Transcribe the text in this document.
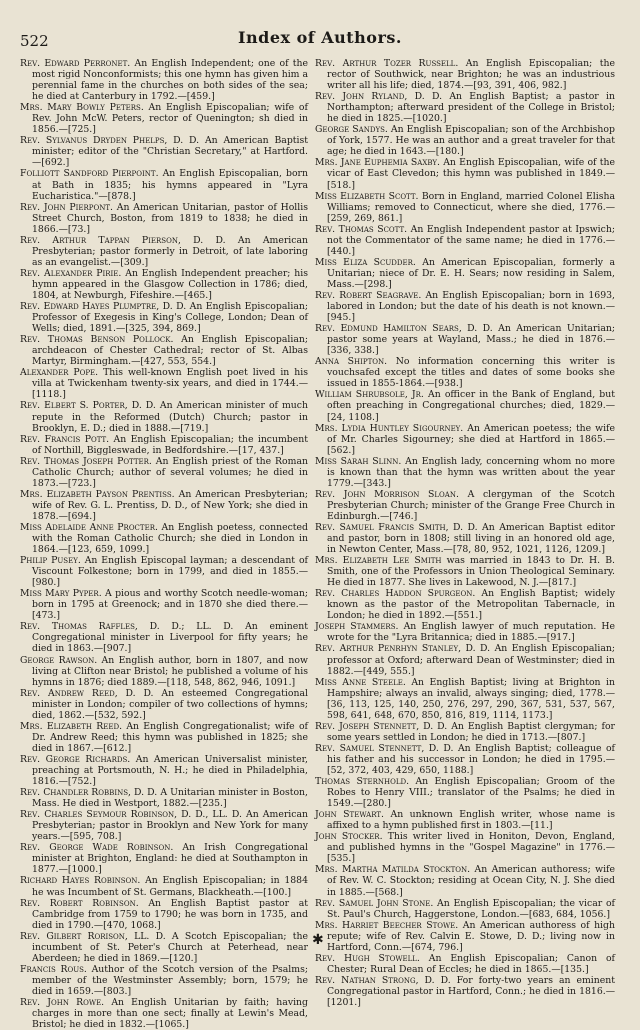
522	Index of Authors.

Rev. Edward Perronet. An English Independent; one of the most rigid Nonconformists; this one hymn has given him a perennial fame in the churches on both sides of the sea; he died at Canterbury in 1792.—[459.]

Mrs. Mary Bowly Peters. An English Episcopalian; wife of Rev. John McW. Peters, rector of Quenington; sh died in 1856.—[725.]

Rev. Sylvanus Dryden Phelps, D. D. An American Baptist minister; editor of the "Christian Secretary," at Hartford.—[692.]

Folliott Sandford Pierpoint. An English Episcopalian, born at Bath in 1835; his hymns appeared in "Lyra Eucharistica."—[878.]

Rev. John Pierpont. An American Unitarian, pastor of Hollis Street Church, Boston, from 1819 to 1838; he died in 1866.—[73.]

Rev. Arthur Tappan Pierson, D. D. An American Presbyterian; pastor formerly in Detroit, of late laboring as an evangelist.—[309.]

Rev. Alexander Pirie. An English Independent preacher; his hymn appeared in the Glasgow Collection in 1786; died, 1804, at Newburgh, Fifeshire.—[465.]

Rev. Edward Hayes Plumptre, D. D. An English Episcopalian; Professor of Exegesis in King's College, London; Dean of Wells; died, 1891.—[325, 394, 869.]

Rev. Thomas Benson Pollock. An English Episcopalian; archdeacon of Chester Cathedral; rector of St. Albas Martyr, Birmingham.—[427, 553, 554.]

Alexander Pope. This well-known English poet lived in his villa at Twickenham twenty-six years, and died in 1744.—[1118.]

Rev. Elbert S. Porter, D. D. An American minister of much repute in the Reformed (Dutch) Church; pastor in Brooklyn, E. D.; died in 1888.—[719.]

Rev. Francis Pott. An English Episcopalian; the incumbent of Northill, Biggleswade, in Bedfordshire.—[17, 437.]

Rev. Thomas Joseph Potter. An English priest of the Roman Catholic Church; author of several volumes; he died in 1873.—[723.]

Mrs. Elizabeth Payson Prentiss. An American Presbyterian; wife of Rev. G. L. Prentiss, D. D., of New York; she died in 1878.—[694.]

Miss Adelaide Anne Procter. An English poetess, connected with the Roman Catholic Church; she died in London in 1864.—[123, 659, 1099.]

Philip Pusey. An English Episcopal layman; a descendant of Viscount Folkestone; born in 1799, and died in 1855.—[980.]

Miss Mary Pyper. A pious and worthy Scotch needle-woman; born in 1795 at Greenock; and in 1870 she died there.—[473.]

Rev. Thomas Raffles, D. D.; LL. D. An eminent Congregational minister in Liverpool for fifty years; he died in 1863.—[907.]

George Rawson. An English author, born in 1807, and now living at Clifton near Bristol; he published a volume of his hymns in 1876; died 1889.—[118, 548, 862, 946, 1091.]

Rev. Andrew Reed, D. D. An esteemed Congregational minister in London; compiler of two collections of hymns; died, 1862.—[532, 592.]

Mrs. Elizabeth Reed. An English Congregationalist; wife of Dr. Andrew Reed; this hymn was published in 1825; she died in 1867.—[612.]

Rev. George Richards. An American Universalist minister, preaching at Portsmouth, N. H.; he died in Philadelphia, 1816.—[752.]

Rev. Chandler Robbins, D. D. A Unitarian minister in Boston, Mass. He died in Westport, 1882.—[235.]

Rev. Charles Seymour Robinson, D. D., LL. D. An American Presbyterian; pastor in Brooklyn and New York for many years.—[595, 708.]

Rev. George Wade Robinson. An Irish Congregational minister at Brighton, England: he died at Southampton in 1877.—[1000.]

Richard Hayes Robinson. An English Episcopalian; in 1884 he was Incumbent of St. Germans, Blackheath.—[100.]

Rev. Robert Robinson. An English Baptist pastor at Cambridge from 1759 to 1790; he was born in 1735, and died in 1790.—[470, 1068.]

Rev. Gilbert Rorison, LL. D. A Scotch Episcopalian; the incumbent of St. Peter's Church at Peterhead, near Aberdeen; he died in 1869.—[120.]

Francis Rous. Author of the Scotch version of the Psalms; member of the Westminster Assembly; born, 1579; he died in 1659.—[803.]

Rev. John Rowe. An English Unitarian by faith; having charges in more than one sect; finally at Lewin's Mead, Bristol; he died in 1832.—[1065.]

Rev. Arthur Tozer Russell. An English Episcopalian; the rector of Southwick, near Brighton; he was an industrious writer all his life; died, 1874.—[93, 391, 406, 982.]

Rev. John Ryland, D. D. An English Baptist; a pastor in Northampton; afterward president of the College in Bristol; he died in 1825.—[1020.]

George Sandys. An English Episcopalian; son of the Archbishop of York, 1577. He was an author and a great traveler for that age; he died in 1643.—[180.]

Mrs. Jane Euphemia Saxby. An English Episcopalian, wife of the vicar of East Clevedon; this hymn was published in 1849.—[518.]

Miss Elizabeth Scott. Born in England, married Colonel Elisha Williams; removed to Connecticut, where she died, 1776.—[259, 269, 861.]

Rev. Thomas Scott. An English Independent pastor at Ipswich; not the Commentator of the same name; he died in 1776.—[440.]

Miss Eliza Scudder. An American Episcopalian, formerly a Unitarian; niece of Dr. E. H. Sears; now residing in Salem, Mass.—[298.]

Rev. Robert Seagrave. An English Episcopalian; born in 1693, labored in London; but the date of his death is not known.—[945.]

Rev. Edmund Hamilton Sears, D. D. An American Unitarian; pastor some years at Wayland, Mass.; he died in 1876.—[336, 338.]

Anna Shipton. No information concerning this writer is vouchsafed except the titles and dates of some books she issued in 1855-1864.—[938.]

William Shrubsole, Jr. An officer in the Bank of England, but often preaching in Congregational churches; died, 1829.—[24, 1108.]

Mrs. Lydia Huntley Sigourney. An American poetess; the wife of Mr. Charles Sigourney; she died at Hartford in 1865.—[562.]

Miss Sarah Slinn. An English lady, concerning whom no more is known than that the hymn was written about the year 1779.—[343.]

Rev. John Morrison Sloan. A clergyman of the Scotch Presbyterian Church; minister of the Grange Free Church in Edinburgh.—[746.]

Rev. Samuel Francis Smith, D. D. An American Baptist editor and pastor, born in 1808; still living in an honored old age, in Newton Center, Mass.—[78, 80, 952, 1021, 1126, 1209.]

Mrs. Elizabeth Lee Smith was married in 1843 to Dr. H. B. Smith, one of the Professors in Union Theological Seminary. He died in 1877. She lives in Lakewood, N. J.—[817.]

Rev. Charles Haddon Spurgeon. An English Baptist; widely known as the pastor of the Metropolitan Tabernacle, in London; he died in 1892.—[551.]

Joseph Stammers. An English lawyer of much reputation. He wrote for the "Lyra Britannica; died in 1885.—[917.]

Rev. Arthur Penrhyn Stanley, D. D. An English Episcopalian; professor at Oxford; afterward Dean of Westminster; died in 1882.—[449, 555.]

Miss Anne Steele. An English Baptist; living at Brighton in Hampshire; always an invalid, always singing; died, 1778.—[36, 113, 125, 140, 250, 276, 297, 290, 367, 531, 537, 567, 598, 641, 648, 670, 850, 816, 819, 1114, 1173.]

Rev. Joseph Stennett, D. D. An English Baptist clergyman; for some years settled in London; he died in 1713.—[807.]

Rev. Samuel Stennett, D. D. An English Baptist; colleague of his father and his successor in London; he died in 1795.—[52, 372, 403, 429, 650, 1188.]

Thomas Sternhold. An English Episcopalian; Groom of the Robes to Henry VIII.; translator of the Psalms; he died in 1549.—[280.]

John Stewart. An unknown English writer, whose name is affixed to a hymn published first in 1803.—[11.]

John Stocker. This writer lived in Honiton, Devon, England, and published hymns in the "Gospel Magazine" in 1776.—[535.]

Mrs. Martha Matilda Stockton. An American authoress; wife of Rev. W. C. Stockton; residing at Ocean City, N. J. She died in 1885.—[568.]

Rev. Samuel John Stone. An English Episcopalian; the vicar of St. Paul's Church, Haggerstone, London.—[683, 684, 1056.]

Mrs. Harriet Beecher Stowe. An American authoress of high repute; wife of Rev. Calvin E. Stowe, D. D.; living now in Hartford, Conn.—[674, 796.]

Rev. Hugh Stowell. An English Episcopalian; Canon of Chester; Rural Dean of Eccles; he died in 1865.—[135.]

Rev. Nathan Strong, D. D. For forty-two years an eminent Congregational pastor in Hartford, Conn.; he died in 1816.—[1201.]

✱
